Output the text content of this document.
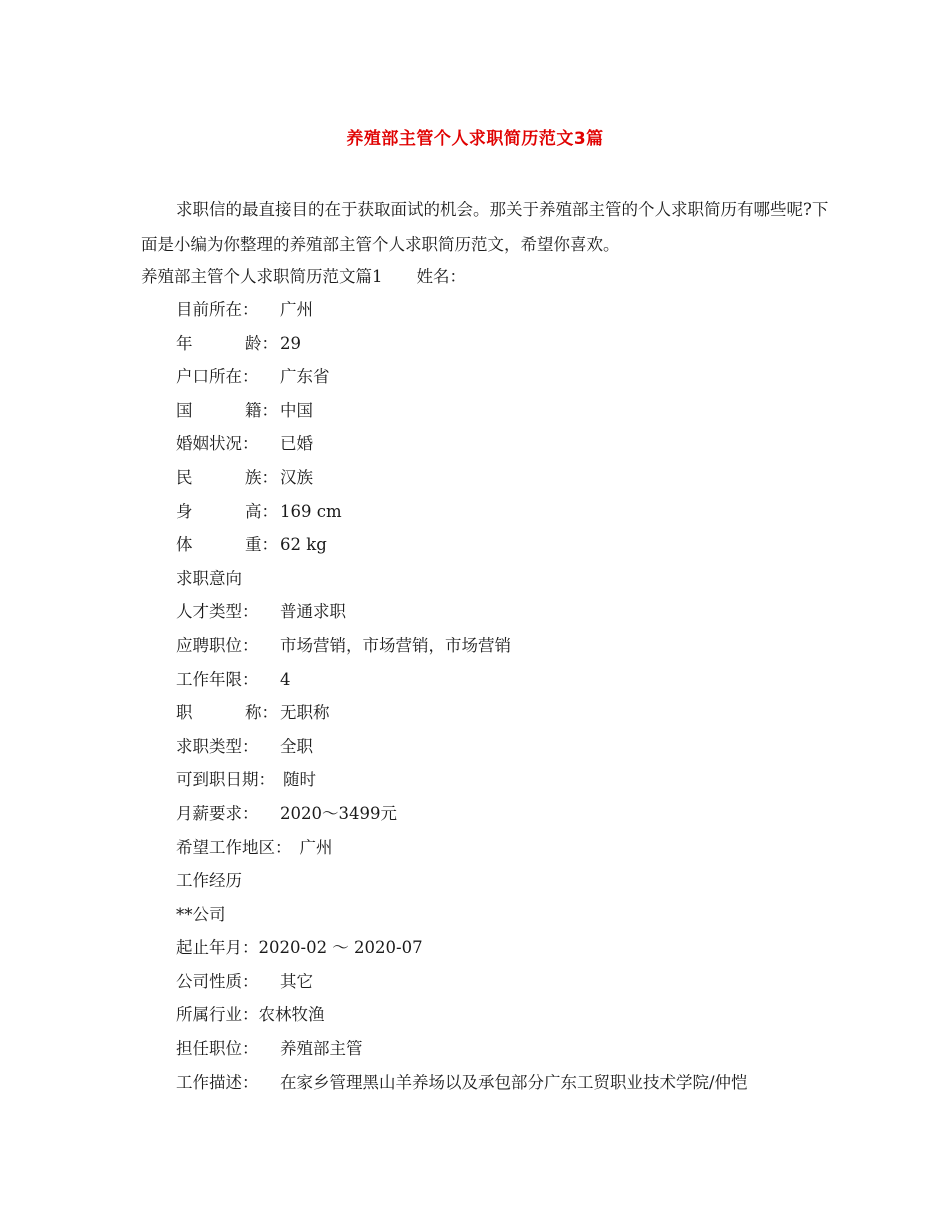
养殖部主管个人求职简历范文3篇

求职信的最直接目的在于获取面试的机会。那关于养殖部主管的个人求职简历有哪些呢?下面是小编为你整理的养殖部主管个人求职简历范文，希望你喜欢。

养殖部主管个人求职简历范文篇1 姓名：
目前所在：	广州
年	龄： 29
户口所在：	广东省
国	籍： 中国
婚姻状况：	已婚
民	族： 汉族
身	高： 169 cm
体	重： 62 kg
求职意向
人才类型：	普通求职
应聘职位：	市场营销，市场营销，市场营销
工作年限：	4
职	称： 无职称
求职类型：	全职
可到职日期： 随时
月薪要求：	2020～3499元
希望工作地区： 广州
工作经历
**公司
起止年月： 2020-02 ～ 2020-07
公司性质：	其它
所属行业： 农林牧渔
担任职位：	养殖部主管
工作描述：	在家乡管理黑山羊养场以及承包部分广东工贸职业技术学院/仲恺
